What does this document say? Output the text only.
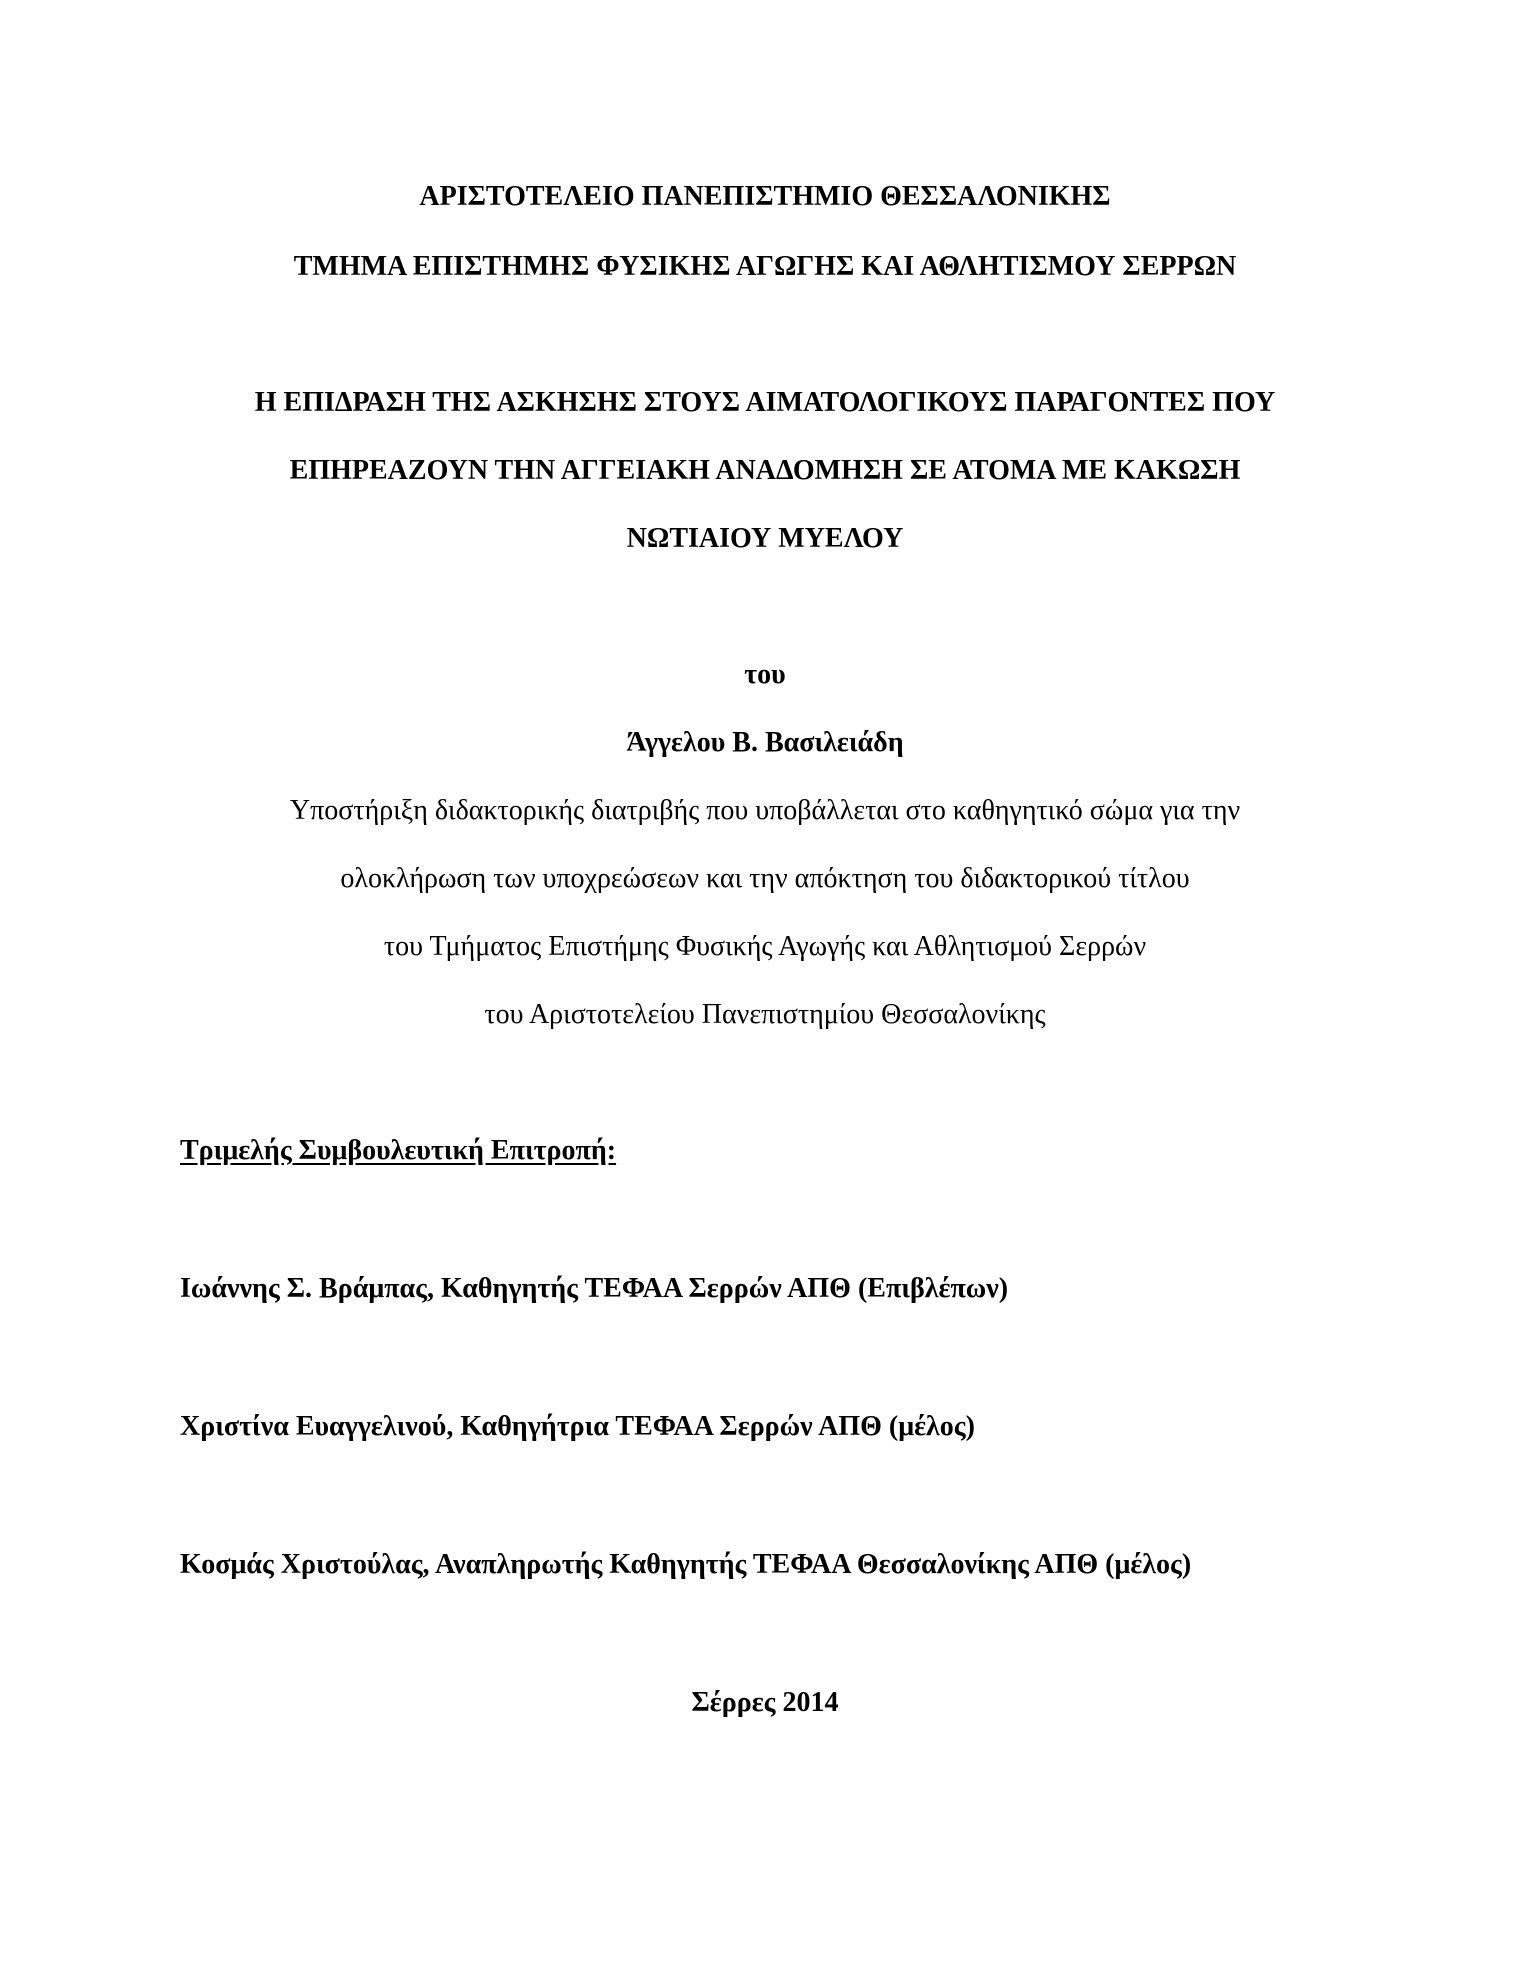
ΑΡΙΣΤΟΤΕΛΕΙΟ ΠΑΝΕΠΙΣΤΗΜΙΟ ΘΕΣΣΑΛΟΝΙΚΗΣ
ΤΜΗΜΑ ΕΠΙΣΤΗΜΗΣ ΦΥΣΙΚΗΣ ΑΓΩΓΗΣ ΚΑΙ ΑΘΛΗΤΙΣΜΟΥ ΣΕΡΡΩΝ
Η ΕΠΙΔΡΑΣΗ ΤΗΣ ΑΣΚΗΣΗΣ ΣΤΟΥΣ ΑΙΜΑΤΟΛΟΓΙΚΟΥΣ ΠΑΡΑΓΟΝΤΕΣ ΠΟΥ
ΕΠΗΡΕΑΖΟΥΝ ΤΗΝ ΑΓΓΕΙΑΚΗ ΑΝΑΔΟΜΗΣΗ ΣΕ ΑΤΟΜΑ ΜΕ ΚΑΚΩΣΗ
ΝΩΤΙΑΙΟΥ ΜΥΕΛΟΥ
του
Άγγελου Β. Βασιλειάδη
Υποστήριξη διδακτορικής διατριβής που υποβάλλεται στο καθηγητικό σώμα για την
ολοκλήρωση των υποχρεώσεων και την απόκτηση του διδακτορικού τίτλου
του Τμήματος Επιστήμης Φυσικής Αγωγής και Αθλητισμού Σερρών
του Αριστοτελείου Πανεπιστημίου Θεσσαλονίκης
Τριμελής Συμβουλευτική Επιτροπή:
Ιωάννης Σ. Βράμπας, Καθηγητής ΤΕΦΑΑ Σερρών ΑΠΘ (Επιβλέπων)
Χριστίνα Ευαγγελινού, Καθηγήτρια ΤΕΦΑΑ Σερρών ΑΠΘ (μέλος)
Κοσμάς Χριστούλας, Αναπληρωτής Καθηγητής ΤΕΦΑΑ Θεσσαλονίκης ΑΠΘ (μέλος)
Σέρρες 2014
